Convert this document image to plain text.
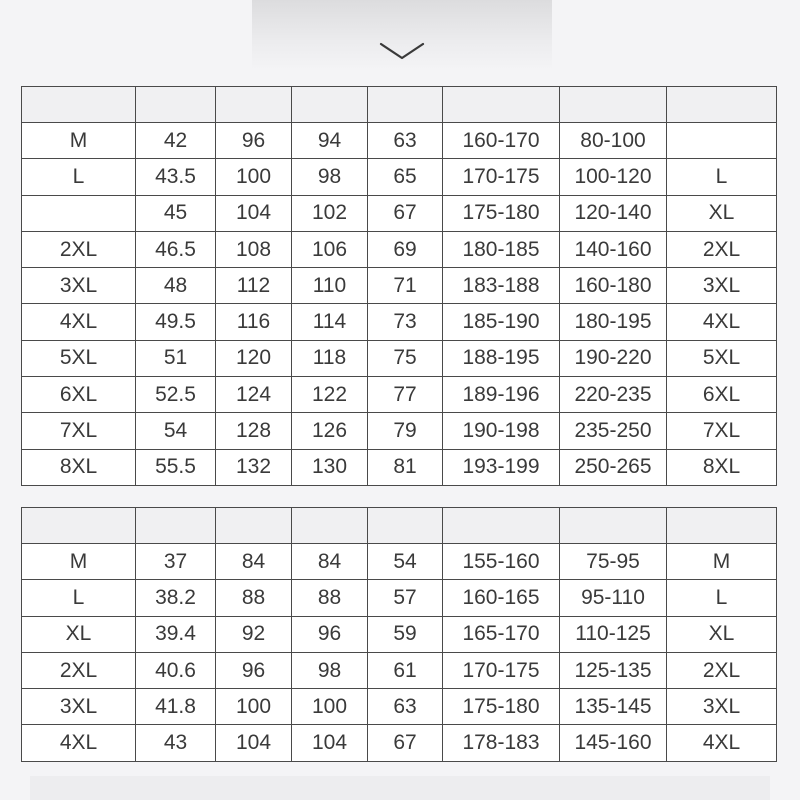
M	42	96	94	63	160-170	80-100	
L	43.5	100	98	65	170-175	100-120	L
	45	104	102	67	175-180	120-140	XL
2XL	46.5	108	106	69	180-185	140-160	2XL
3XL	48	112	110	71	183-188	160-180	3XL
4XL	49.5	116	114	73	185-190	180-195	4XL
5XL	51	120	118	75	188-195	190-220	5XL
6XL	52.5	124	122	77	189-196	220-235	6XL
7XL	54	128	126	79	190-198	235-250	7XL
8XL	55.5	132	130	81	193-199	250-265	8XL

M	37	84	84	54	155-160	75-95	M
L	38.2	88	88	57	160-165	95-110	L
XL	39.4	92	96	59	165-170	110-125	XL
2XL	40.6	96	98	61	170-175	125-135	2XL
3XL	41.8	100	100	63	175-180	135-145	3XL
4XL	43	104	104	67	178-183	145-160	4XL
